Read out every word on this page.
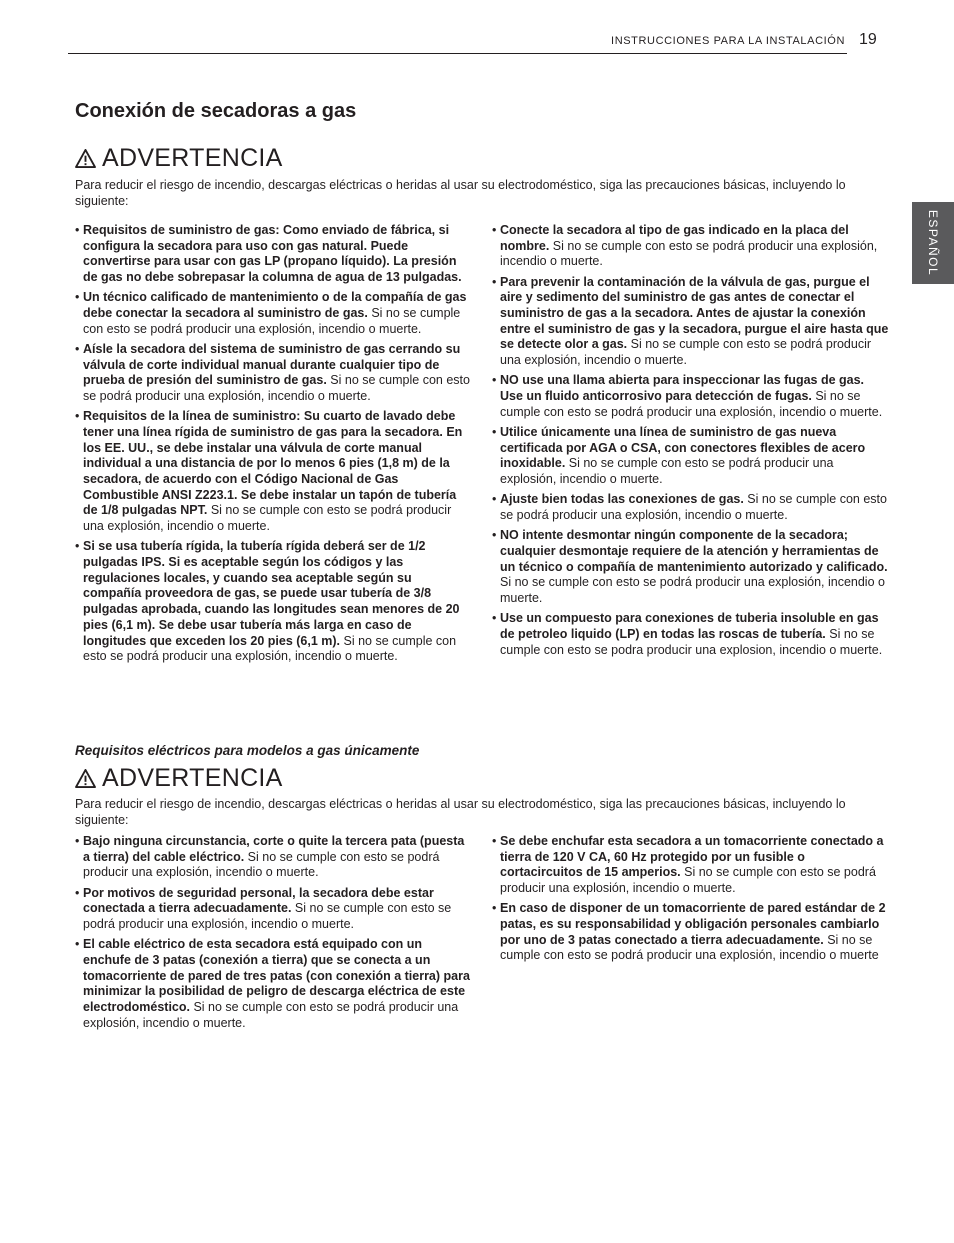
INSTRUCCIONES PARA LA INSTALACIÓN 19
ESPAÑOL
Conexión de secadoras a gas
ADVERTENCIA

Para reducir el riesgo de incendio, descargas eléctricas o heridas al usar su electrodoméstico, siga las precauciones básicas, incluyendo lo siguiente:

• Requisitos de suministro de gas: Como enviado de fábrica, si configura la secadora para uso con gas natural. Puede convertirse para usar con gas LP (propano líquido). La presión de gas no debe sobrepasar la columna de agua de 13 pulgadas.
• Un técnico calificado de mantenimiento o de la compañía de gas debe conectar la secadora al suministro de gas. Si no se cumple con esto se podrá producir una explosión, incendio o muerte.
• Aísle la secadora del sistema de suministro de gas cerrando su válvula de corte individual manual durante cualquier tipo de prueba de presión del suministro de gas. Si no se cumple con esto se podrá producir una explosión, incendio o muerte.
• Requisitos de la línea de suministro: Su cuarto de lavado debe tener una línea rígida de suministro de gas para la secadora. En los EE. UU., se debe instalar una válvula de corte manual individual a una distancia de por lo menos 6 pies (1,8 m) de la secadora, de acuerdo con el Código Nacional de Gas Combustible ANSI Z223.1. Se debe instalar un tapón de tubería de 1/8 pulgadas NPT. Si no se cumple con esto se podrá producir una explosión, incendio o muerte.
• Si se usa tubería rígida, la tubería rígida deberá ser de 1/2 pulgadas IPS. Si es aceptable según los códigos y las regulaciones locales, y cuando sea aceptable según su compañía proveedora de gas, se puede usar tubería de 3/8 pulgadas aprobada, cuando las longitudes sean menores de 20 pies (6,1 m). Se debe usar tubería más larga en caso de longitudes que exceden los 20 pies (6,1 m). Si no se cumple con esto se podrá producir una explosión, incendio o muerte.
• Conecte la secadora al tipo de gas indicado en la placa del nombre. Si no se cumple con esto se podrá producir una explosión, incendio o muerte.
• Para prevenir la contaminación de la válvula de gas, purgue el aire y sedimento del suministro de gas antes de conectar el suministro de gas a la secadora. Antes de ajustar la conexión entre el suministro de gas y la secadora, purgue el aire hasta que se detecte olor a gas. Si no se cumple con esto se podrá producir una explosión, incendio o muerte.
• NO use una llama abierta para inspeccionar las fugas de gas. Use un fluido anticorrosivo para detección de fugas. Si no se cumple con esto se podrá producir una explosión, incendio o muerte.
• Utilice únicamente una línea de suministro de gas nueva certificada por AGA o CSA, con conectores flexibles de acero inoxidable. Si no se cumple con esto se podrá producir una explosión, incendio o muerte.
• Ajuste bien todas las conexiones de gas. Si no se cumple con esto se podrá producir una explosión, incendio o muerte.
• NO intente desmontar ningún componente de la secadora; cualquier desmontaje requiere de la atención y herramientas de un técnico o compañía de mantenimiento autorizado y calificado. Si no se cumple con esto se podrá producir una explosión, incendio o muerte.
• Use un compuesto para conexiones de tuberia insoluble en gas de petroleo liquido (LP) en todas las roscas de tubería. Si no se cumple con esto se podra producir una explosion, incendio o muerte.

Requisitos eléctricos para modelos a gas únicamente

ADVERTENCIA

Para reducir el riesgo de incendio, descargas eléctricas o heridas al usar su electrodoméstico, siga las precauciones básicas, incluyendo lo siguiente:

• Bajo ninguna circunstancia, corte o quite la tercera pata (puesta a tierra) del cable eléctrico. Si no se cumple con esto se podrá producir una explosión, incendio o muerte.
• Por motivos de seguridad personal, la secadora debe estar conectada a tierra adecuadamente. Si no se cumple con esto se podrá producir una explosión, incendio o muerte.
• El cable eléctrico de esta secadora está equipado con un enchufe de 3 patas (conexión a tierra) que se conecta a un tomacorriente de pared de tres patas (con conexión a tierra) para minimizar la posibilidad de peligro de descarga eléctrica de este electrodoméstico. Si no se cumple con esto se podrá producir una explosión, incendio o muerte.
• Se debe enchufar esta secadora a un tomacorriente conectado a tierra de 120 V CA, 60 Hz protegido por un fusible o cortacircuitos de 15 amperios. Si no se cumple con esto se podrá producir una explosión, incendio o muerte.
• En caso de disponer de un tomacorriente de pared estándar de 2 patas, es su responsabilidad y obligación personales cambiarlo por uno de 3 patas conectado a tierra adecuadamente. Si no se cumple con esto se podrá producir una explosión, incendio o muerte
